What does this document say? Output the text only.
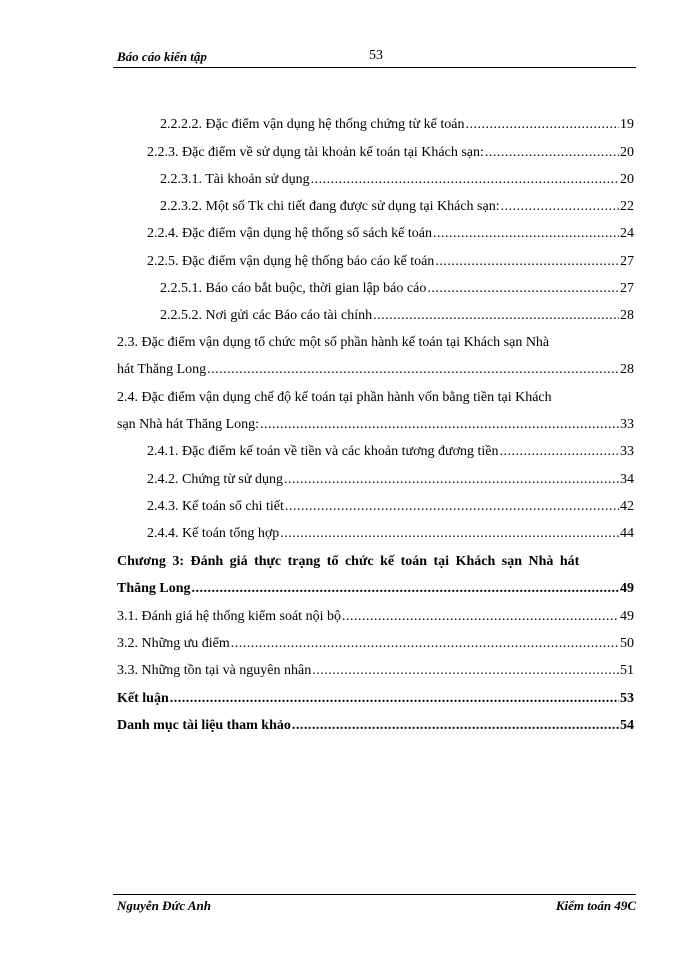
Báo cáo kiến tập	53
2.2.2.2. Đặc điểm vận dụng hệ thống chứng từ kế toán .....	19
2.2.3. Đặc điểm về sử dụng tài khoản kế toán tại Khách sạn: .....	20
2.2.3.1. Tài khoản sử dụng .....	20
2.2.3.2. Một số Tk chi tiết đang được sử dụng tại Khách sạn: .....	22
2.2.4. Đặc điểm vận dụng hệ thống sổ sách kế toán .....	24
2.2.5. Đặc điểm vận dụng hệ thống báo cáo kế toán .....	27
2.2.5.1. Báo cáo bắt buộc, thời gian lập báo cáo .....	27
2.2.5.2. Nơi gửi các Báo cáo tài chính .....	28
2.3. Đặc điểm vận dụng tổ chức một số phần hành kế toán tại Khách sạn Nhà
hát Thăng Long .....	28
2.4. Đặc điểm vận dụng chế độ kế toán tại phần hành vốn bằng tiền tại Khách
sạn Nhà hát Thăng Long: .....	33
2.4.1. Đặc điểm kế toán về tiền và các khoản tương đương tiền .....	33
2.4.2. Chứng từ sử dụng .....	34
2.4.3. Kế toán sổ chi tiết .....	42
2.4.4. Kế toán tổng hợp .....	44
Chương 3: Đánh giá thực trạng tổ chức kế toán tại Khách sạn Nhà hát
Thăng Long .....	49
3.1. Đánh giá hệ thống kiểm soát nội bộ .....	49
3.2. Những ưu điểm .....	50
3.3. Những tồn tại và nguyên nhân .....	51
Kết luận .....	53
Danh mục tài liệu tham khảo .....	54
Nguyễn Đức Anh	Kiểm toán 49C
